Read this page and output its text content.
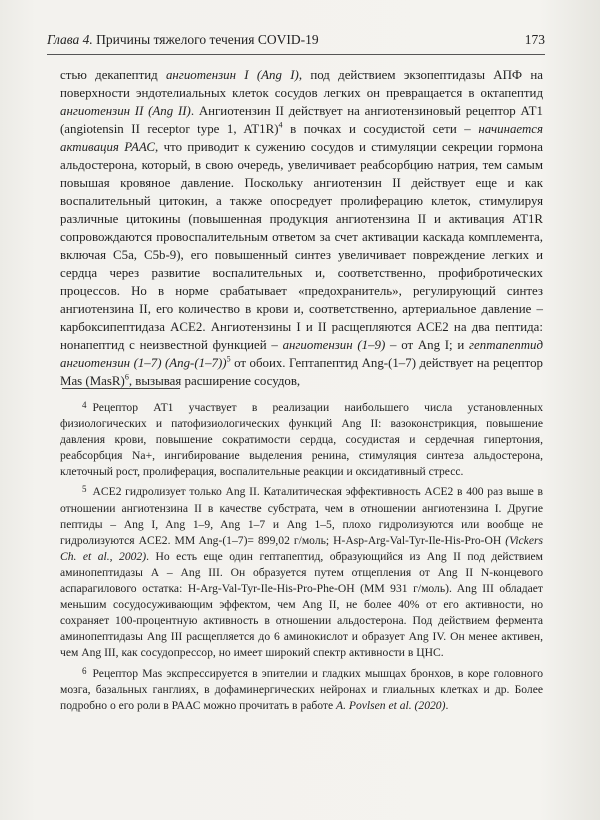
Глава 4. Причины тяжелого течения COVID-19	173

стью декапептид ангиотензин I (Ang I), под действием экзопептидазы АПФ на поверхности эндотелиальных клеток сосудов легких он превращается в октапептид ангиотензин II (Ang II). Ангиотензин II действует на ангиотензиновый рецептор АТ1 (angiotensin II receptor type 1, AT1R)$^4$ в почках и сосудистой сети – начинается активация РААС, что приводит к сужению сосудов и стимуляции секреции гормона альдостерона, который, в свою очередь, увеличивает реабсорбцию натрия, тем самым повышая кровяное давление. Поскольку ангиотензин II действует еще и как воспалительный цитокин, а также опосредует пролиферацию клеток, стимулируя различные цитокины (повышенная продукция ангиотензина II и активация AT1R сопровождаются провоспалительным ответом за счет активации каскада комплемента, включая С5а, С5b-9), его повышенный синтез увеличивает повреждение легких и сердца через развитие воспалительных и, соответственно, профибротических процессов. Но в норме срабатывает «предохранитель», регулирующий синтез ангиотензина II, его количество в крови и, соответственно, артериальное давление – карбоксипептидаза ACE2. Ангиотензины I и II расщепляются ACE2 на два пептида: нонапептид с неизвестной функцией – ангиотензин (1–9) – от Ang I; и гептапептид ангиотензин (1–7) $(Ang-(1-7))^5$ от обоих. Гептапептид Ang-(1–7) действует на рецептор Mas (MasR)$^6$, вызывая расширение сосудов,

$^4$ Рецептор АТ1 участвует в реализации наибольшего числа установленных физиологических и патофизиологических функций Ang II: вазоконстрикция, повышение давления крови, повышение сократимости сердца, сосудистая и сердечная гипертония, реабсорбция Na+, ингибирование выделения ренина, стимуляция синтеза альдостерона, клеточный рост, пролиферация, воспалительные реакции и оксидативный стресс.

$^5$ ACE2 гидролизует только Ang II. Каталитическая эффективность ACE2 в 400 раз выше в отношении ангиотензина II в качестве субстрата, чем в отношении ангиотензина I. Другие пептиды – Ang I, Ang 1–9, Ang 1–7 и Ang 1–5, плохо гидролизуются или вообще не гидролизуются ACE2. MM Ang-(1–7)= 899,02 г/моль; H-Asp-Arg-Val-Tyr-Ile-His-Pro-OH (Vickers Ch. et al., 2002). Но есть еще один гептапептид, образующийся из Ang II под действием аминопептидазы А – Ang III. Он образуется путем отщепления от Ang II N-концевого аспарагилового остатка: H-Arg-Val-Tyr-Ile-His-Pro-Phe-OH (MM 931 г/моль). Ang III обладает меньшим сосудосуживающим эффектом, чем Ang II, не более 40% от его активности, но сохраняет 100-процентную активность в отношении альдостерона. Под действием фермента аминопептидазы Ang III расщепляется до 6 аминокислот и образует Ang IV. Он менее активен, чем Ang III, как сосудопрессор, но имеет широкий спектр активности в ЦНС.

$^6$ Рецептор Mas экспрессируется в эпителии и гладких мышцах бронхов, в коре головного мозга, базальных ганглиях, в дофаминергических нейронах и глиальных клетках и др. Более подробно о его роли в РААС можно прочитать в работе A. Povlsen et al. (2020).
